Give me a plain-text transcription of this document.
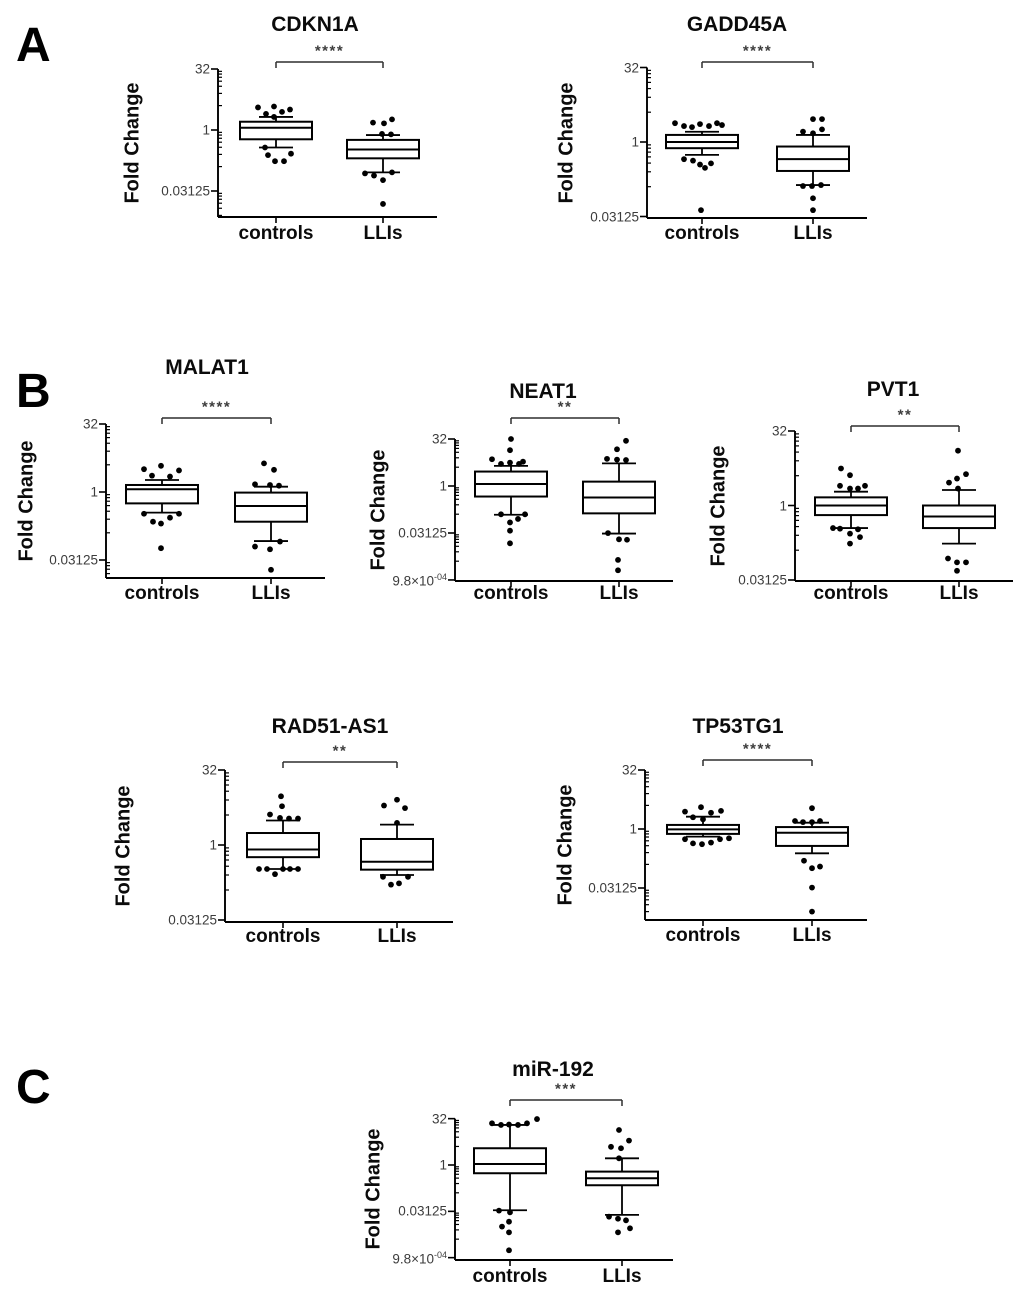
A
B
C
32
1
0.03125
controls	LLIs
****
CDKN1A
Fold Change
32
1
0.03125
controls	LLIs
****
GADD45A
Fold Change
32
1
0.03125
controls	LLIs
****
MALAT1
Fold Change
32
1
0.03125
$9.8\times 10^{-04}$
controls	LLIs
**
NEAT1
Fold Change
32
1
0.03125
controls	LLIs
**
PVT1
Fold Change
32
1
0.03125
controls	LLIs
**
RAD51-AS1
Fold Change
32
1
0.03125
controls	LLIs
****
TP53TG1
Fold Change
32
1
0.03125
$9.8\times 10^{-04}$
controls	LLIs
***
miR-192
Fold Change
